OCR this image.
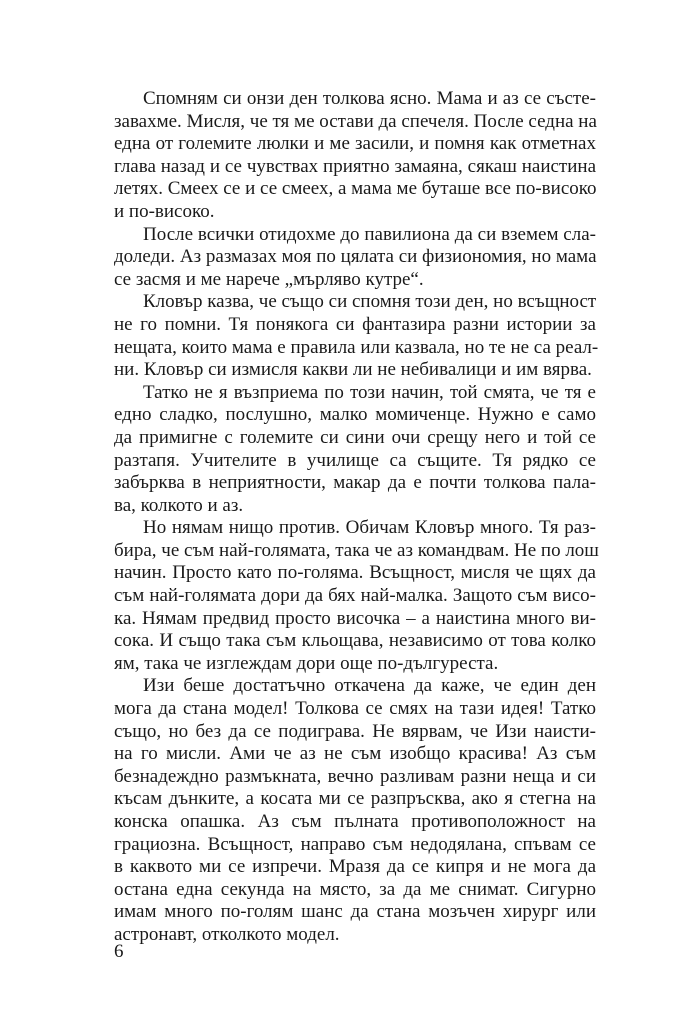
Спомням си онзи ден толкова ясно. Мама и аз се състе-
завахме. Мисля, че тя ме остави да спечеля. После седна на
една от големите люлки и ме засили, и помня как отметнах
глава назад и се чувствах приятно замаяна, сякаш наистина
летях. Смеех се и се смеех, а мама ме буташе все по-високо
и по-високо.

После всички отидохме до павилиона да си вземем сла-
доледи. Аз размазах моя по цялата си физиономия, но мама
се засмя и ме нарече „мърляво кутре“.

Кловър казва, че също си спомня този ден, но всъщност
не го помни. Тя понякога си фантазира разни истории за
нещата, които мама е правила или казвала, но те не са реал-
ни. Кловър си измисля какви ли не небивалици и им вярва.

Татко не я възприема по този начин, той смята, че тя е
едно сладко, послушно, малко момиченце. Нужно е само
да примигне с големите си сини очи срещу него и той се
разтапя. Учителите в училище са същите. Тя рядко се
забърква в неприятности, макар да е почти толкова пала-
ва, колкото и аз.

Но нямам нищо против. Обичам Кловър много. Тя раз-
бира, че съм най-голямата, така че аз командвам. Не по лош
начин. Просто като по-голяма. Всъщност, мисля че щях да
съм най-голямата дори да бях най-малка. Защото съм висо-
ка. Нямам предвид просто височка – а наистина много ви-
сока. И също така съм кльощава, независимо от това колко
ям, така че изглеждам дори още по-дългуреста.

Изи беше достатъчно откачена да каже, че един ден
мога да стана модел! Толкова се смях на тази идея! Татко
също, но без да се подиграва. Не вярвам, че Изи наисти-
на го мисли. Ами че аз не съм изобщо красива! Аз съм
безнадеждно размъкната, вечно разливам разни неща и си
късам дънките, а косата ми се разпръсква, ако я стегна на
конска опашка. Аз съм пълната противоположност на
грациозна. Всъщност, направо съм недодялана, спъвам се
в каквото ми се изпречи. Мразя да се кипря и не мога да
остана една секунда на място, за да ме снимат. Сигурно
имам много по-голям шанс да стана мозъчен хирург или
астронавт, отколкото модел.

6
